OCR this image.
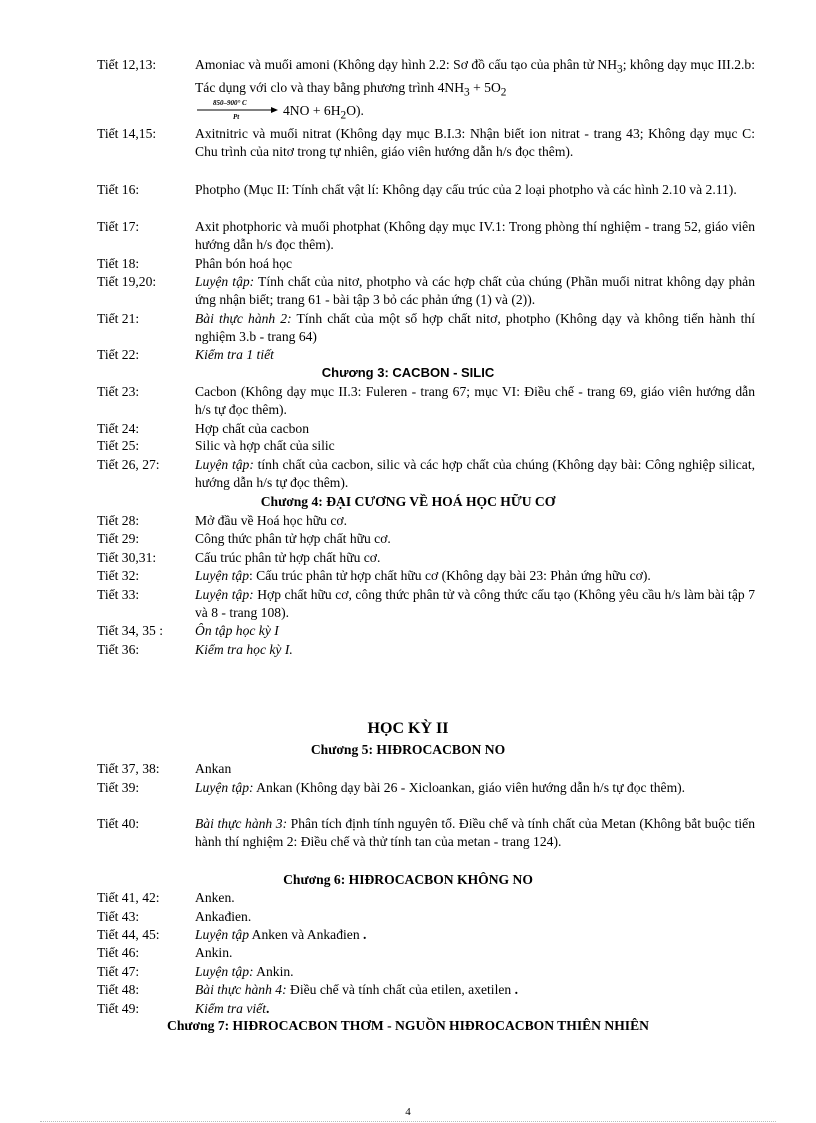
Tiết 12,13:	Amoniac và muối amoni (Không dạy hình 2.2: Sơ đồ cấu tạo của phân tử $NH_3$; không dạy mục III.2.b: Tác dụng với clo và thay bằng phương trình $4NH_3 + 5O_2$

850–900° C
Pt	$4NO + 6H_2O$).
Tiết 14,15:	Axitnitric và muối nitrat (Không dạy mục B.I.3: Nhận biết ion nitrat - trang 43; Không dạy mục C: Chu trình của nitơ trong tự nhiên, giáo viên hướng dẫn h/s đọc thêm).
Tiết 16:	Photpho (Mục II: Tính chất vật lí: Không dạy cấu trúc của 2 loại photpho và các hình 2.10 và 2.11).
Tiết 17:	Axit photphoric và muối photphat (Không dạy mục IV.1: Trong phòng thí nghiệm - trang 52, giáo viên hướng dẫn h/s đọc thêm).
Tiết 18:	Phân bón hoá học
Tiết 19,20:	Luyện tập: Tính chất của nitơ, photpho và các hợp chất của chúng (Phần muối nitrat không dạy phản ứng nhận biết; trang 61 - bài tập 3 bỏ các phản ứng (1) và (2)).
Tiết 21:	Bài thực hành 2: Tính chất của một số hợp chất nitơ, photpho (Không dạy và không tiến hành thí nghiệm 3.b - trang 64)
Tiết 22:	Kiểm tra 1 tiết
Chương 3: CACBON - SILIC
Tiết 23:	Cacbon (Không dạy mục II.3: Fuleren - trang 67; mục VI: Điều chế - trang 69, giáo viên hướng dẫn h/s tự đọc thêm).
Tiết 24:	Hợp chất của cacbon
Tiết 25:	Silic và hợp chất của silic
Tiết 26, 27:	Luyện tập: tính chất của cacbon, silic và các hợp chất của chúng (Không dạy bài: Công nghiệp silicat, hướng dẫn h/s tự đọc thêm).
Chương 4: ĐẠI CƯƠNG VỀ HOÁ HỌC HỮU CƠ
Tiết 28:	Mở đầu về Hoá học hữu cơ.
Tiết 29:	Công thức phân tử hợp chất hữu cơ.
Tiết 30,31:	Cấu trúc phân tử hợp chất hữu cơ.
Tiết 32:	Luyện tập: Cấu trúc phân tử hợp chất hữu cơ (Không dạy bài 23: Phản ứng hữu cơ).
Tiết 33:	Luyện tập: Hợp chất hữu cơ, công thức phân tử và công thức cấu tạo (Không yêu cầu h/s làm bài tập 7 và 8 - trang 108).
Tiết 34, 35 : Ôn tập học kỳ I
Tiết 36:	Kiểm tra học kỳ I.
HỌC KỲ II
Chương 5: HIĐROCACBON NO
Tiết 37, 38:	Ankan
Tiết 39:	Luyện tập: Ankan (Không dạy bài 26 - Xicloankan, giáo viên hướng dẫn h/s tự đọc thêm).
Tiết 40:	Bài thực hành 3: Phân tích định tính nguyên tố. Điều chế và tính chất của Metan (Không bắt buộc tiến hành thí nghiệm 2: Điều chế và thử tính tan của metan - trang 124).
Chương 6: HIĐROCACBON KHÔNG NO
Tiết 41, 42:	Anken.
Tiết 43:	Ankađien.
Tiết 44, 45:	Luyện tập Anken và Ankađien .
Tiết 46:	Ankin.
Tiết 47:	Luyện tập: Ankin.
Tiết 48:	Bài thực hành 4: Điều chế và tính chất của etilen, axetilen .
Tiết 49:	Kiểm tra viết.
Chương 7: HIĐROCACBON THƠM - NGUỒN HIĐROCACBON THIÊN NHIÊN
4
